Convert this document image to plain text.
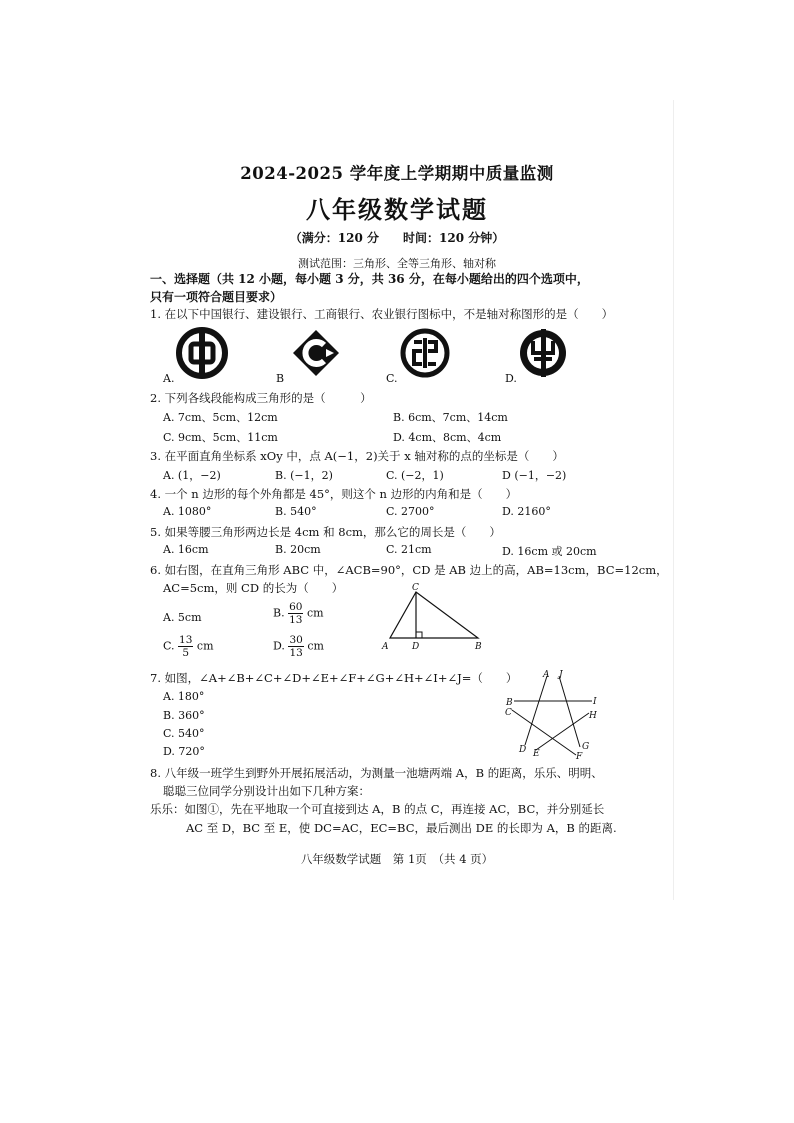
2024-2025 学年度上学期期中质量监测
八年级数学试题
（满分：120 分　　时间：120 分钟）
测试范围：三角形、全等三角形、轴对称
一、选择题（共 12 小题，每小题 3 分，共 36 分，在每小题给出的四个选项中，只有一项符合题目要求）
1. 在以下中国银行、建设银行、工商银行、农业银行图标中，不是轴对称图形的是（　　）
A.	B	C.	D.
2. 下列各线段能构成三角形的是（　　　）
A. 7cm、5cm、12cm	B. 6cm、7cm、14cm
C. 9cm、5cm、11cm	D. 4cm、8cm、4cm
3. 在平面直角坐标系 xOy 中，点 A(−1，2)关于 x 轴对称的点的坐标是（　　）
A. (1，−2)	B. (−1，2)	C. (−2，1)	D (−1，−2)
4. 一个 n 边形的每个外角都是 45°，则这个 n 边形的内角和是（　　）
A. 1080°	B. 540°	C. 2700°	D. 2160°
5. 如果等腰三角形两边长是 4cm 和 8cm，那么它的周长是（　　）
A. 16cm	B. 20cm	C. 21cm	D. 16cm 或 20cm
6. 如右图，在直角三角形 ABC 中，∠ACB=90°，CD 是 AB 边上的高，AB=13cm，BC=12cm，
AC=5cm，则 CD 的长为（　　）
A. 5cm	B. $\frac{60}{13}$ cm
C. $\frac{13}{5}$ cm	D. $\frac{30}{13}$ cm
C
A	D	B
7. 如图，∠A+∠B+∠C+∠D+∠E+∠F+∠G+∠H+∠I+∠J=（　　）
A. 180°
B. 360°
C. 540°
D. 720°
A J
B	I
C	H
D	G
E	F
8. 八年级一班学生到野外开展拓展活动，为测量一池塘两端 A，B 的距离，乐乐、明明、
聪聪三位同学分别设计出如下几种方案：
乐乐：如图①，先在平地取一个可直接到达 A，B 的点 C，再连接 AC，BC，并分别延长
AC 至 D，BC 至 E，使 DC=AC，EC=BC，最后测出 DE 的长即为 A，B 的距离.
八年级数学试题　第 1页　（共 4 页）
